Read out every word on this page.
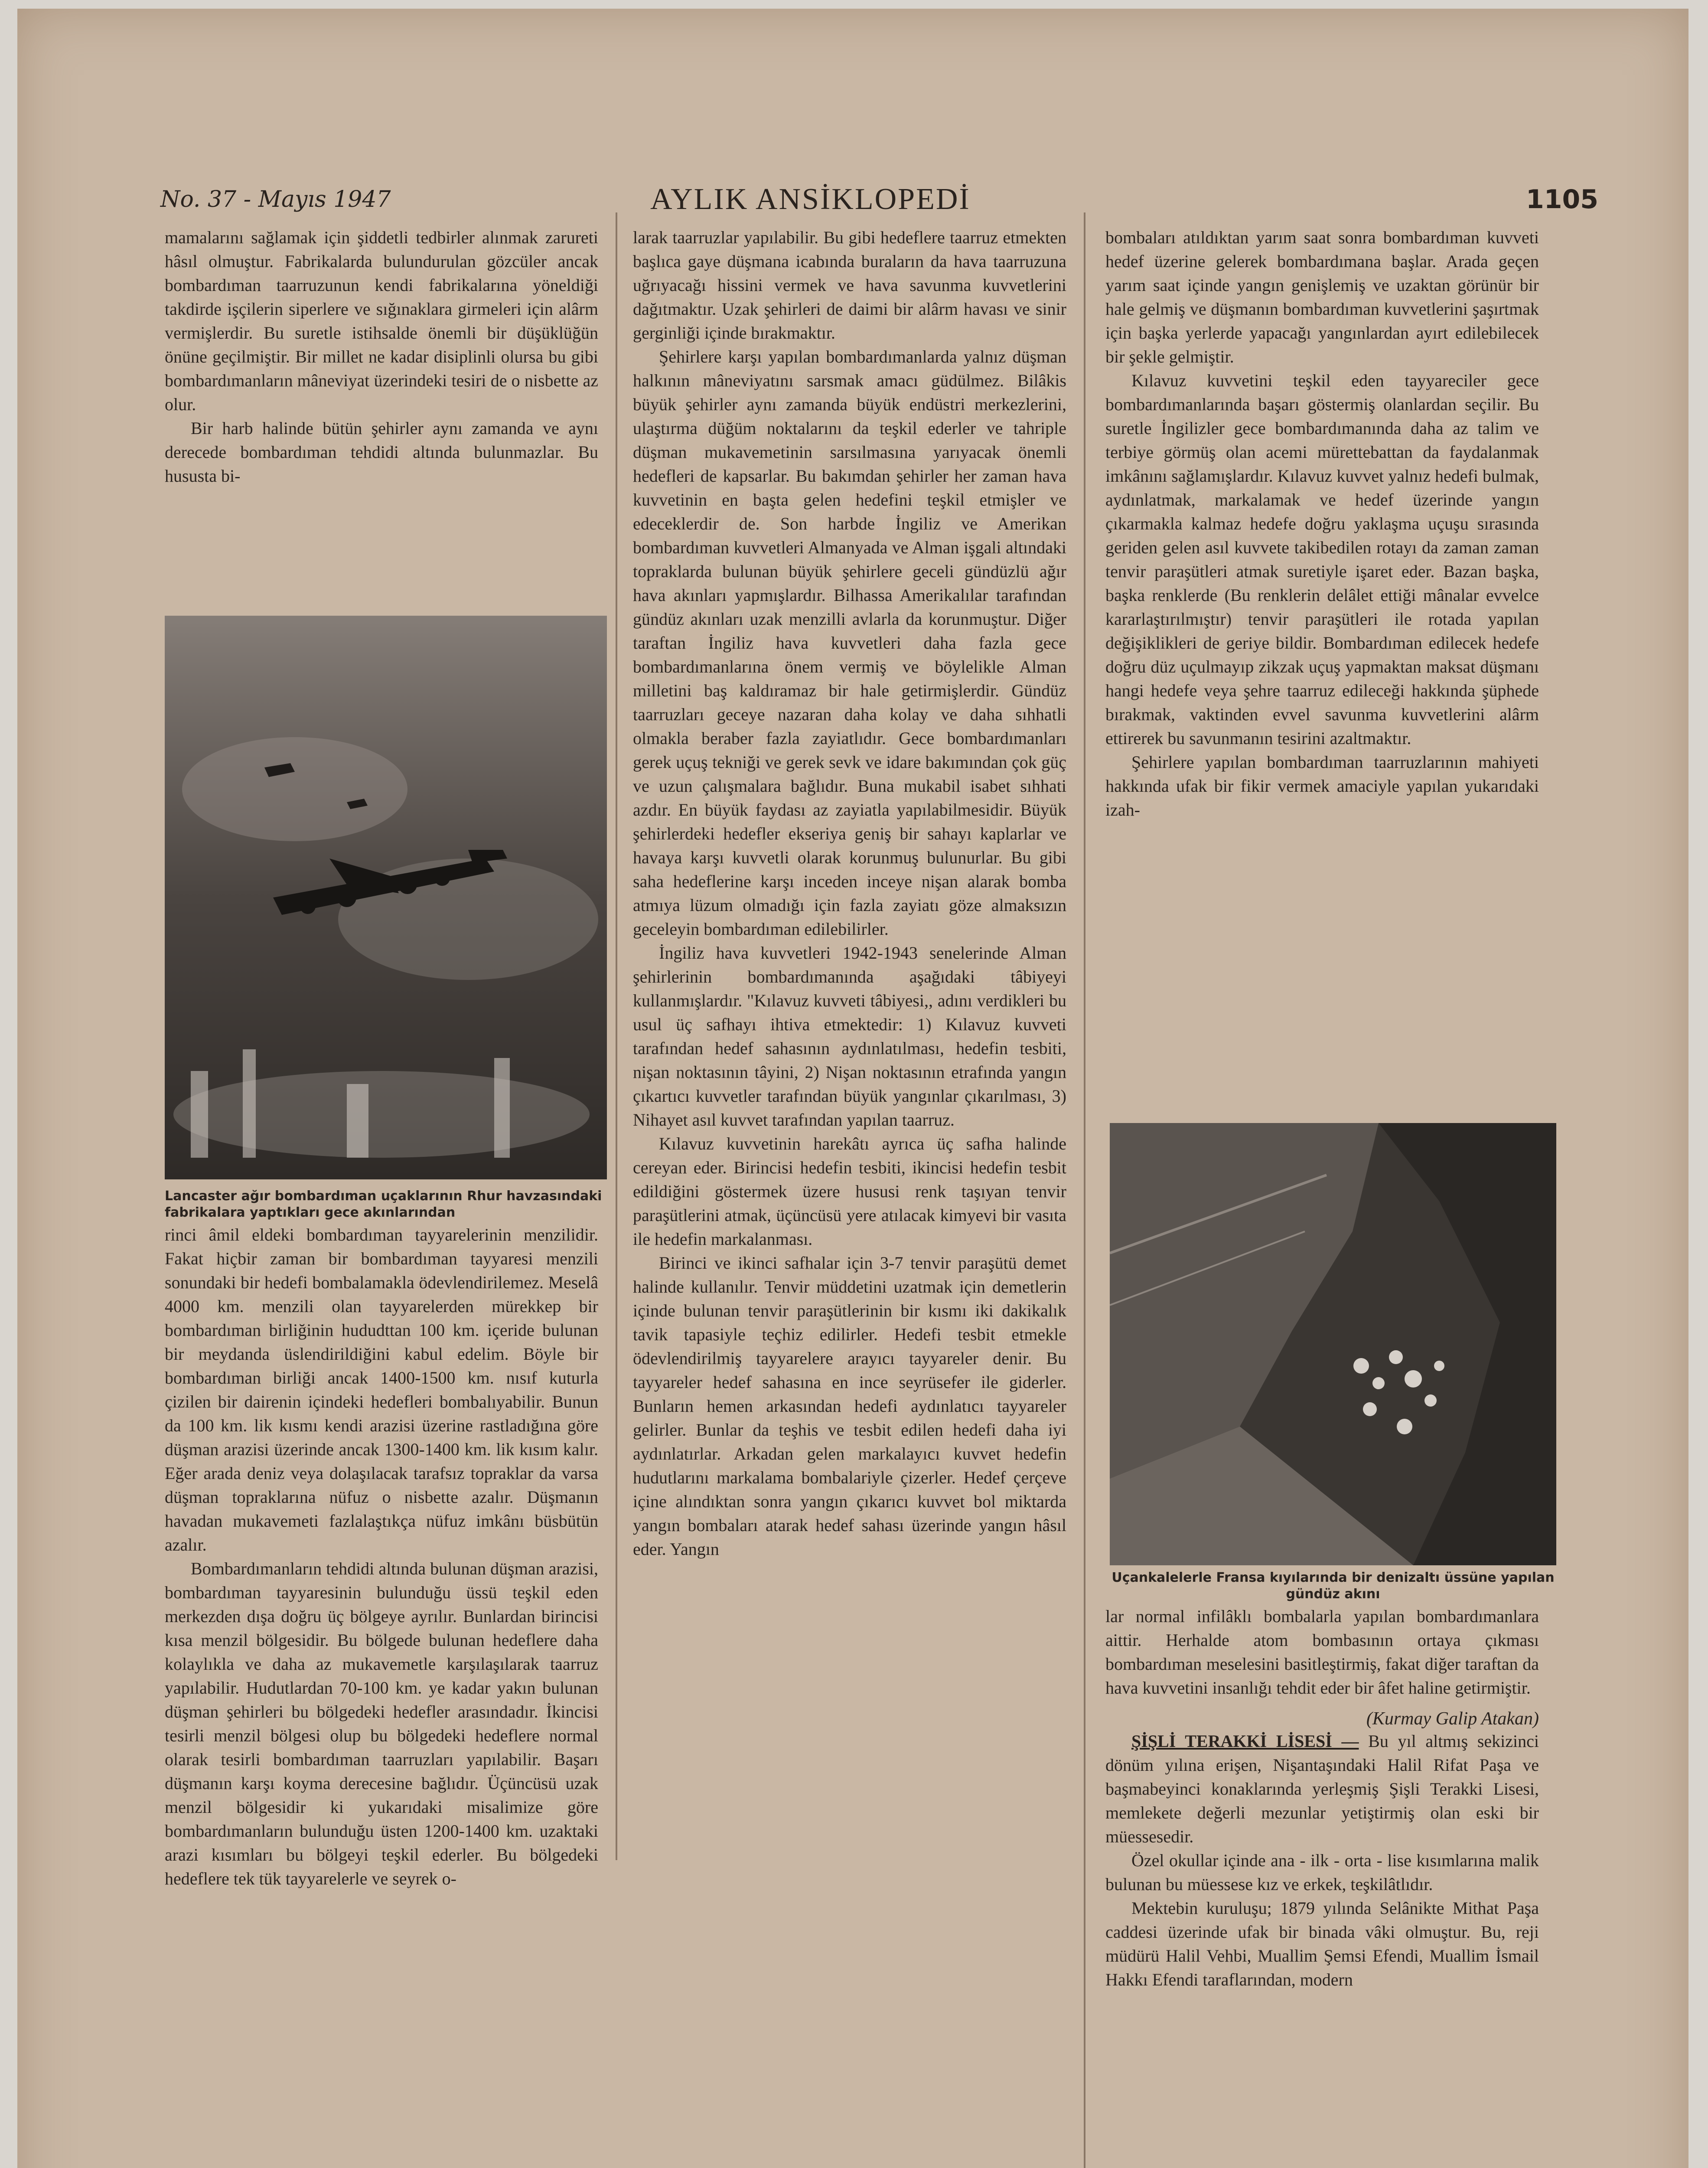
No. 37 - Mayıs 1947	AYLIK ANSİKLOPEDİ	1105

mamalarını sağlamak için şiddetli tedbirler alınmak zarureti hâsıl olmuştur. Fabrikalarda bulundurulan gözcüler ancak bombardıman taarruzunun kendi fabrikalarına yöneldiği takdirde işçilerin siperlere ve sığınaklara girmeleri için alârm vermişlerdir. Bu suretle istihsalde önemli bir düşüklüğün önüne geçilmiştir. Bir millet ne kadar disiplinli olursa bu gibi bombardımanların mâneviyat üzerindeki tesiri de o nisbette az olur.

Bir harb halinde bütün şehirler aynı zamanda ve aynı derecede bombardıman tehdidi altında bulunmazlar. Bu hususta bi-

Lancaster ağır bombardıman uçaklarının Rhur havzasındaki fabrikalara yaptıkları gece akınlarından

rinci âmil eldeki bombardıman tayyarelerinin menzilidir. Fakat hiçbir zaman bir bombardıman tayyaresi menzili sonundaki bir hedefi bombalamakla ödevlendirilemez. Meselâ 4000 km. menzili olan tayyarelerden mürekkep bir bombardıman birliğinin hududttan 100 km. içeride bulunan bir meydanda üslendirildiğini kabul edelim. Böyle bir bombardıman birliği ancak 1400-1500 km. nısıf kuturla çizilen bir dairenin içindeki hedefleri bombalıyabilir. Bunun da 100 km. lik kısmı kendi arazisi üzerine rastladığına göre düşman arazisi üzerinde ancak 1300-1400 km. lik kısım kalır. Eğer arada deniz veya dolaşılacak tarafsız topraklar da varsa düşman topraklarına nüfuz o nisbette azalır. Düşmanın havadan mukavemeti fazlalaştıkça nüfuz imkânı büsbütün azalır.

Bombardımanların tehdidi altında bulunan düşman arazisi, bombardıman tayyaresinin bulunduğu üssü teşkil eden merkezden dışa doğru üç bölgeye ayrılır. Bunlardan birincisi kısa menzil bölgesidir. Bu bölgede bulunan hedeflere daha kolaylıkla ve daha az mukavemetle karşılaşılarak taarruz yapılabilir. Hudutlardan 70-100 km. ye kadar yakın bulunan düşman şehirleri bu bölgedeki hedefler arasındadır. İkincisi tesirli menzil bölgesi olup bu bölgedeki hedeflere normal olarak tesirli bombardıman taarruzları yapılabilir. Başarı düşmanın karşı koyma derecesine bağlıdır. Üçüncüsü uzak menzil bölgesidir ki yukarıdaki misalimize göre bombardımanların bulunduğu üsten 1200-1400 km. uzaktaki arazi kısımları bu bölgeyi teşkil ederler. Bu bölgedeki hedeflere tek tük tayyarelerle ve seyrek o-

larak taarruzlar yapılabilir. Bu gibi hedeflere taarruz etmekten başlıca gaye düşmana icabında buraların da hava taarruzuna uğrıyacağı hissini vermek ve hava savunma kuvvetlerini dağıtmaktır. Uzak şehirleri de daimi bir alârm havası ve sinir gerginliği içinde bırakmaktır.

Şehirlere karşı yapılan bombardımanlarda yalnız düşman halkının mâneviyatını sarsmak amacı güdülmez. Bilâkis büyük şehirler aynı zamanda büyük endüstri merkezlerini, ulaştırma düğüm noktalarını da teşkil ederler ve tahriple düşman mukavemetinin sarsılmasına yarıyacak önemli hedefleri de kapsarlar. Bu bakımdan şehirler her zaman hava kuvvetinin en başta gelen hedefini teşkil etmişler ve edeceklerdir de. Son harbde İngiliz ve Amerikan bombardıman kuvvetleri Almanyada ve Alman işgali altındaki topraklarda bulunan büyük şehirlere geceli gündüzlü ağır hava akınları yapmışlardır. Bilhassa Amerikalılar tarafından gündüz akınları uzak menzilli avlarla da korunmuştur. Diğer taraftan İngiliz hava kuvvetleri daha fazla gece bombardımanlarına önem vermiş ve böylelikle Alman milletini baş kaldıramaz bir hale getirmişlerdir. Gündüz taarruzları geceye nazaran daha kolay ve daha sıhhatli olmakla beraber fazla zayiatlıdır. Gece bombardımanları gerek uçuş tekniği ve gerek sevk ve idare bakımından çok güç ve uzun çalışmalara bağlıdır. Buna mukabil isabet sıhhati azdır. En büyük faydası az zayiatla yapılabilmesidir. Büyük şehirlerdeki hedefler ekseriya geniş bir sahayı kaplarlar ve havaya karşı kuvvetli olarak korunmuş bulunurlar. Bu gibi saha hedeflerine karşı inceden inceye nişan alarak bomba atmıya lüzum olmadığı için fazla zayiatı göze almaksızın geceleyin bombardıman edilebilirler.

İngiliz hava kuvvetleri 1942-1943 senelerinde Alman şehirlerinin bombardımanında aşağıdaki tâbiyeyi kullanmışlardır. "Kılavuz kuvveti tâbiyesi,, adını verdikleri bu usul üç safhayı ihtiva etmektedir: 1) Kılavuz kuvveti tarafından hedef sahasının aydınlatılması, hedefin tesbiti, nişan noktasının tâyini, 2) Nişan noktasının etrafında yangın çıkartıcı kuvvetler tarafından büyük yangınlar çıkarılması, 3) Nihayet asıl kuvvet tarafından yapılan taarruz.

Kılavuz kuvvetinin harekâtı ayrıca üç safha halinde cereyan eder. Birincisi hedefin tesbiti, ikincisi hedefin tesbit edildiğini göstermek üzere hususi renk taşıyan tenvir paraşütlerini atmak, üçüncüsü yere atılacak kimyevi bir vasıta ile hedefin markalanması.

Birinci ve ikinci safhalar için 3-7 tenvir paraşütü demet halinde kullanılır. Tenvir müddetini uzatmak için demetlerin içinde bulunan tenvir paraşütlerinin bir kısmı iki dakikalık tavik tapasiyle teçhiz edilirler. Hedefi tesbit etmekle ödevlendirilmiş tayyarelere arayıcı tayyareler denir. Bu tayyareler hedef sahasına en ince seyrüsefer ile giderler. Bunların hemen arkasından hedefi aydınlatıcı tayyareler gelirler. Bunlar da teşhis ve tesbit edilen hedefi daha iyi aydınlatırlar. Arkadan gelen markalayıcı kuvvet hedefin hudutlarını markalama bombalariyle çizerler. Hedef çerçeve içine alındıktan sonra yangın çıkarıcı kuvvet bol miktarda yangın bombaları atarak hedef sahası üzerinde yangın hâsıl eder. Yangın

bombaları atıldıktan yarım saat sonra bombardıman kuvveti hedef üzerine gelerek bombardımana başlar. Arada geçen yarım saat içinde yangın genişlemiş ve uzaktan görünür bir hale gelmiş ve düşmanın bombardıman kuvvetlerini şaşırtmak için başka yerlerde yapacağı yangınlardan ayırt edilebilecek bir şekle gelmiştir.

Kılavuz kuvvetini teşkil eden tayyareciler gece bombardımanlarında başarı göstermiş olanlardan seçilir. Bu suretle İngilizler gece bombardımanında daha az talim ve terbiye görmüş olan acemi mürettebattan da faydalanmak imkânını sağlamışlardır. Kılavuz kuvvet yalnız hedefi bulmak, aydınlatmak, markalamak ve hedef üzerinde yangın çıkarmakla kalmaz hedefe doğru yaklaşma uçuşu sırasında geriden gelen asıl kuvvete takibedilen rotayı da zaman zaman tenvir paraşütleri atmak suretiyle işaret eder. Bazan başka, başka renklerde (Bu renklerin delâlet ettiği mânalar evvelce kararlaştırılmıştır) tenvir paraşütleri ile rotada yapılan değişiklikleri de geriye bildir. Bombardıman edilecek hedefe doğru düz uçulmayıp zikzak uçuş yapmaktan maksat düşmanı hangi hedefe veya şehre taarruz edileceği hakkında şüphede bırakmak, vaktinden evvel savunma kuvvetlerini alârm ettirerek bu savunmanın tesirini azaltmaktır.

Şehirlere yapılan bombardıman taarruzlarının mahiyeti hakkında ufak bir fikir vermek amaciyle yapılan yukarıdaki izah-

Uçankalelerle Fransa kıyılarında bir denizaltı üssüne yapılan gündüz akını

lar normal infilâklı bombalarla yapılan bombardımanlara aittir. Herhalde atom bombasının ortaya çıkması bombardıman meselesini basitleştirmiş, fakat diğer taraftan da hava kuvvetini insanlığı tehdit eder bir âfet haline getirmiştir.

(Kurmay Galip Atakan)

ŞİŞLİ TERAKKİ LİSESİ — Bu yıl altmış sekizinci dönüm yılına erişen, Nişantaşındaki Halil Rifat Paşa ve başmabeyinci konaklarında yerleşmiş Şişli Terakki Lisesi, memlekete değerli mezunlar yetiştirmiş olan eski bir müessesedir.

Özel okullar içinde ana - ilk - orta - lise kısımlarına malik bulunan bu müessese kız ve erkek, teşkilâtlıdır.

Mektebin kuruluşu; 1879 yılında Selânikte Mithat Paşa caddesi üzerinde ufak bir binada vâki olmuştur. Bu, reji müdürü Halil Vehbi, Muallim Şemsi Efendi, Muallim İsmail Hakkı Efendi taraflarından, modern
